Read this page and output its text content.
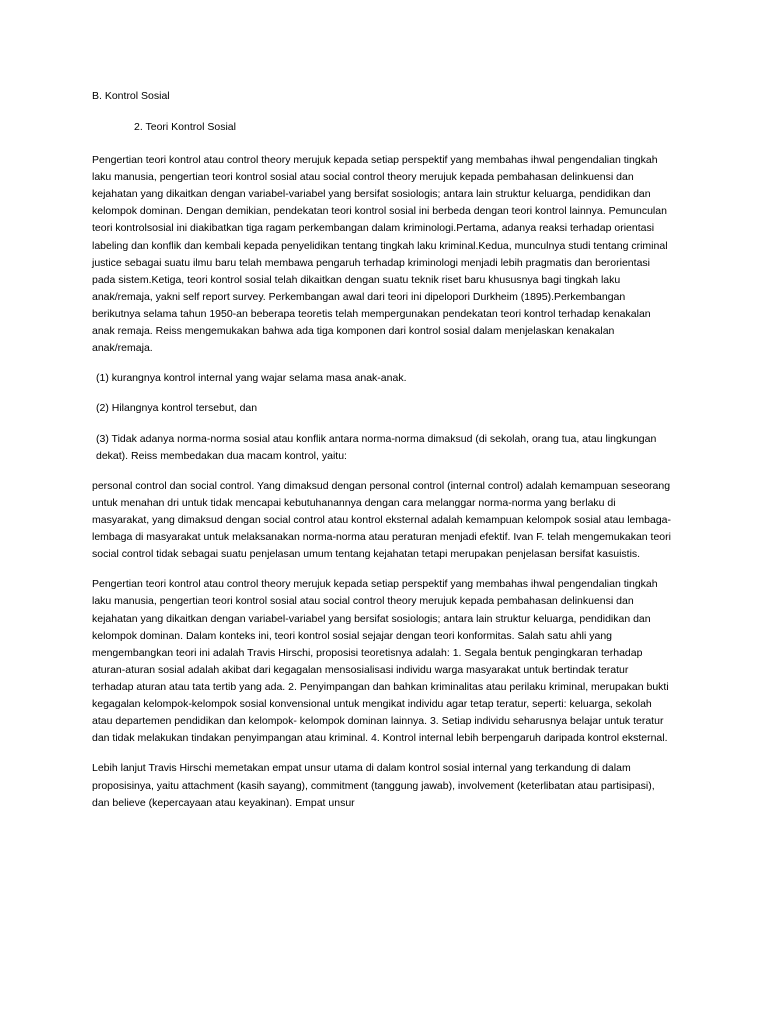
B. Kontrol Sosial
2. Teori Kontrol Sosial

Pengertian teori kontrol atau control theory merujuk kepada setiap perspektif yang membahas ihwal pengendalian tingkah laku manusia, pengertian teori kontrol sosial atau social control theory merujuk kepada pembahasan delinkuensi dan kejahatan yang dikaitkan dengan variabel-variabel yang bersifat sosiologis; antara lain struktur keluarga, pendidikan dan kelompok dominan. Dengan demikian, pendekatan teori kontrol sosial ini berbeda dengan teori kontrol lainnya. Pemunculan teori kontrolsosial ini diakibatkan tiga ragam perkembangan dalam kriminologi.Pertama, adanya reaksi terhadap orientasi labeling dan konflik dan kembali kepada penyelidikan tentang tingkah laku kriminal.Kedua, munculnya studi tentang criminal justice sebagai suatu ilmu baru telah membawa pengaruh terhadap kriminologi menjadi lebih pragmatis dan berorientasi pada sistem.Ketiga, teori kontrol sosial telah dikaitkan dengan suatu teknik riset baru khususnya bagi tingkah laku anak/remaja, yakni self report survey. Perkembangan awal dari teori ini dipelopori Durkheim (1895).Perkembangan berikutnya selama tahun 1950-an beberapa teoretis telah mempergunakan pendekatan teori kontrol terhadap kenakalan anak remaja. Reiss mengemukakan bahwa ada tiga komponen dari kontrol sosial dalam menjelaskan kenakalan anak/remaja.

(1) kurangnya kontrol internal yang wajar selama masa anak-anak.

(2) Hilangnya kontrol tersebut, dan

(3) Tidak adanya norma-norma sosial atau konflik antara norma-norma dimaksud (di sekolah, orang tua, atau lingkungan dekat). Reiss membedakan dua macam kontrol, yaitu:

personal control dan social control. Yang dimaksud dengan personal control (internal control) adalah kemampuan seseorang untuk menahan dri untuk tidak mencapai kebutuhanannya dengan cara melanggar norma-norma yang berlaku di masyarakat, yang dimaksud dengan social control atau kontrol eksternal adalah kemampuan kelompok sosial atau lembaga-lembaga di masyarakat untuk melaksanakan norma-norma atau peraturan menjadi efektif. Ivan F. telah mengemukakan teori social control tidak sebagai suatu penjelasan umum tentang kejahatan tetapi merupakan penjelasan bersifat kasuistis.

Pengertian teori kontrol atau control theory merujuk kepada setiap perspektif yang membahas ihwal pengendalian tingkah laku manusia, pengertian teori kontrol sosial atau social control theory merujuk kepada pembahasan delinkuensi dan kejahatan yang dikaitkan dengan variabel-variabel yang bersifat sosiologis; antara lain struktur keluarga, pendidikan dan kelompok dominan. Dalam konteks ini, teori kontrol sosial sejajar dengan teori konformitas. Salah satu ahli yang mengembangkan teori ini adalah Travis Hirschi, proposisi teoretisnya adalah: 1. Segala bentuk pengingkaran terhadap aturan-aturan sosial adalah akibat dari kegagalan mensosialisasi individu warga masyarakat untuk bertindak teratur terhadap aturan atau tata tertib yang ada. 2. Penyimpangan dan bahkan kriminalitas atau perilaku kriminal, merupakan bukti kegagalan kelompok-kelompok sosial konvensional untuk mengikat individu agar tetap teratur, seperti: keluarga, sekolah atau departemen pendidikan dan kelompok- kelompok dominan lainnya. 3. Setiap individu seharusnya belajar untuk teratur dan tidak melakukan tindakan penyimpangan atau kriminal. 4. Kontrol internal lebih berpengaruh daripada kontrol eksternal.

Lebih lanjut Travis Hirschi memetakan empat unsur utama di dalam kontrol sosial internal yang terkandung di dalam proposisinya, yaitu attachment (kasih sayang), commitment (tanggung jawab), involvement (keterlibatan atau partisipasi), dan believe (kepercayaan atau keyakinan). Empat unsur
